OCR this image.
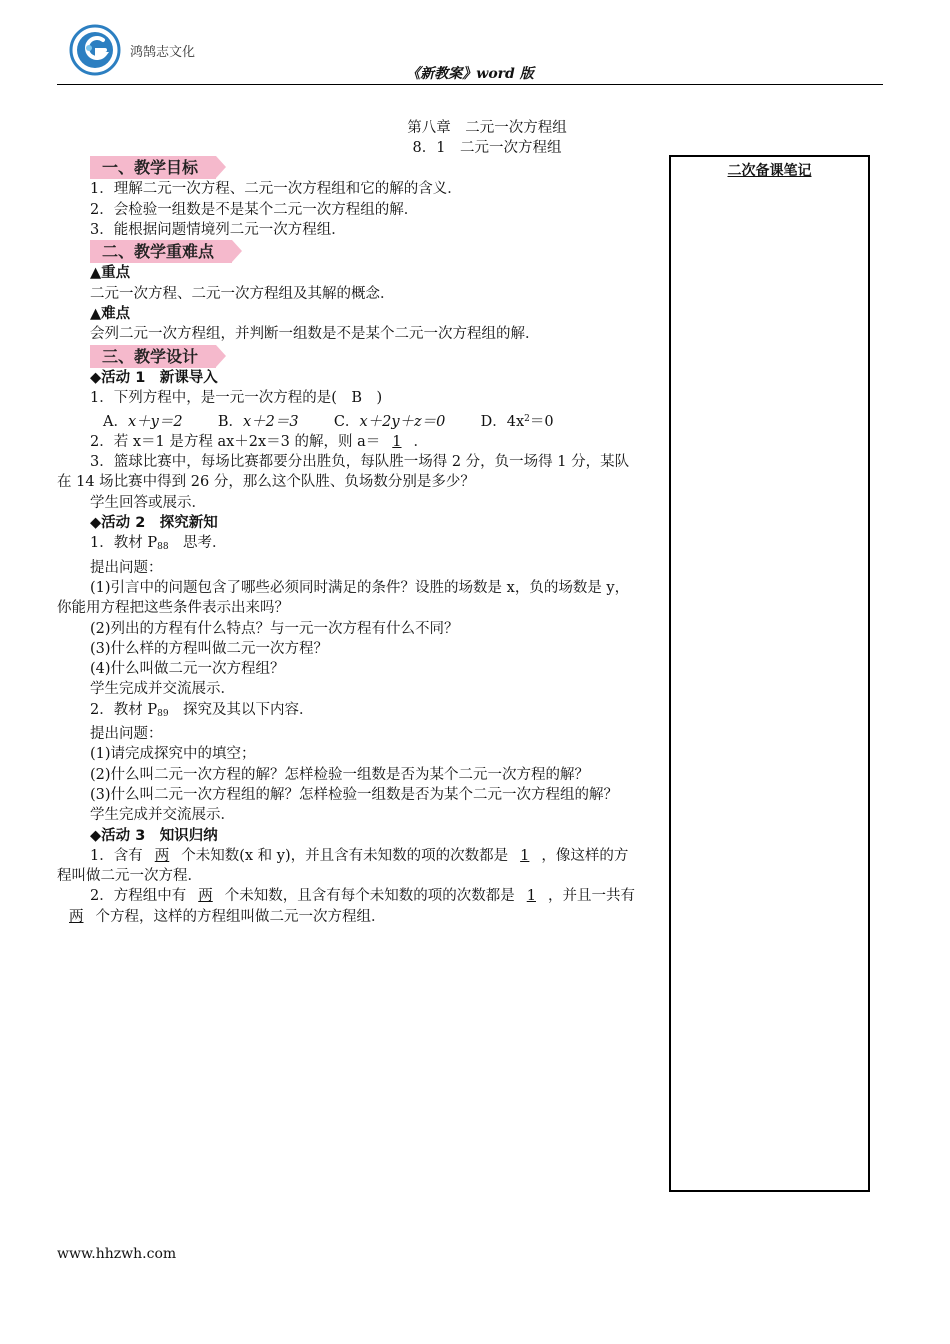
鸿鹄志文化
《新教案》word 版
第八章　二元一次方程组
8．1　二元一次方程组
一、教学目标

1．理解二元一次方程、二元一次方程组和它的解的含义．

2．会检验一组数是不是某个二元一次方程组的解．

3．能根据问题情境列二元一次方程组．

二、教学重难点

▲重点

二元一次方程、二元一次方程组及其解的概念．

▲难点

会列二元一次方程组，并判断一组数是不是某个二元一次方程组的解．

三、教学设计

◆活动 1　新课导入

1．下列方程中，是一元一次方程的是(　B　)

A．x＋y＝2 B．x＋2＝3 C．x＋2y＋z＝0 D．$4x^2=0$

2．若 x＝1 是方程 ax＋2x＝3 的解，则 a＝ 1 ．

3．篮球比赛中，每场比赛都要分出胜负，每队胜一场得 2 分，负一场得 1 分，某队在 14 场比赛中得到 26 分，那么这个队胜、负场数分别是多少？

学生回答或展示．

◆活动 2　探究新知

1．教材 $P_{88}$　思考．

提出问题：

(1)引言中的问题包含了哪些必须同时满足的条件？设胜的场数是 x，负的场数是 y，你能用方程把这些条件表示出来吗？

(2)列出的方程有什么特点？与一元一次方程有什么不同？

(3)什么样的方程叫做二元一次方程？

(4)什么叫做二元一次方程组？

学生完成并交流展示．

2．教材 $P_{89}$　探究及其以下内容．

提出问题：

(1)请完成探究中的填空；

(2)什么叫二元一次方程的解？怎样检验一组数是否为某个二元一次方程的解？

(3)什么叫二元一次方程组的解？怎样检验一组数是否为某个二元一次方程组的解？

学生完成并交流展示．

◆活动 3　知识归纳

1．含有 两 个未知数(x 和 y)，并且含有未知数的项的次数都是 1 ，像这样的方程叫做二元一次方程．

2．方程组中有 两 个未知数，且含有每个未知数的项的次数都是 1 ，并且一共有两 个方程，这样的方程组叫做二元一次方程组．

二次备课笔记
www.hhzwh.com
